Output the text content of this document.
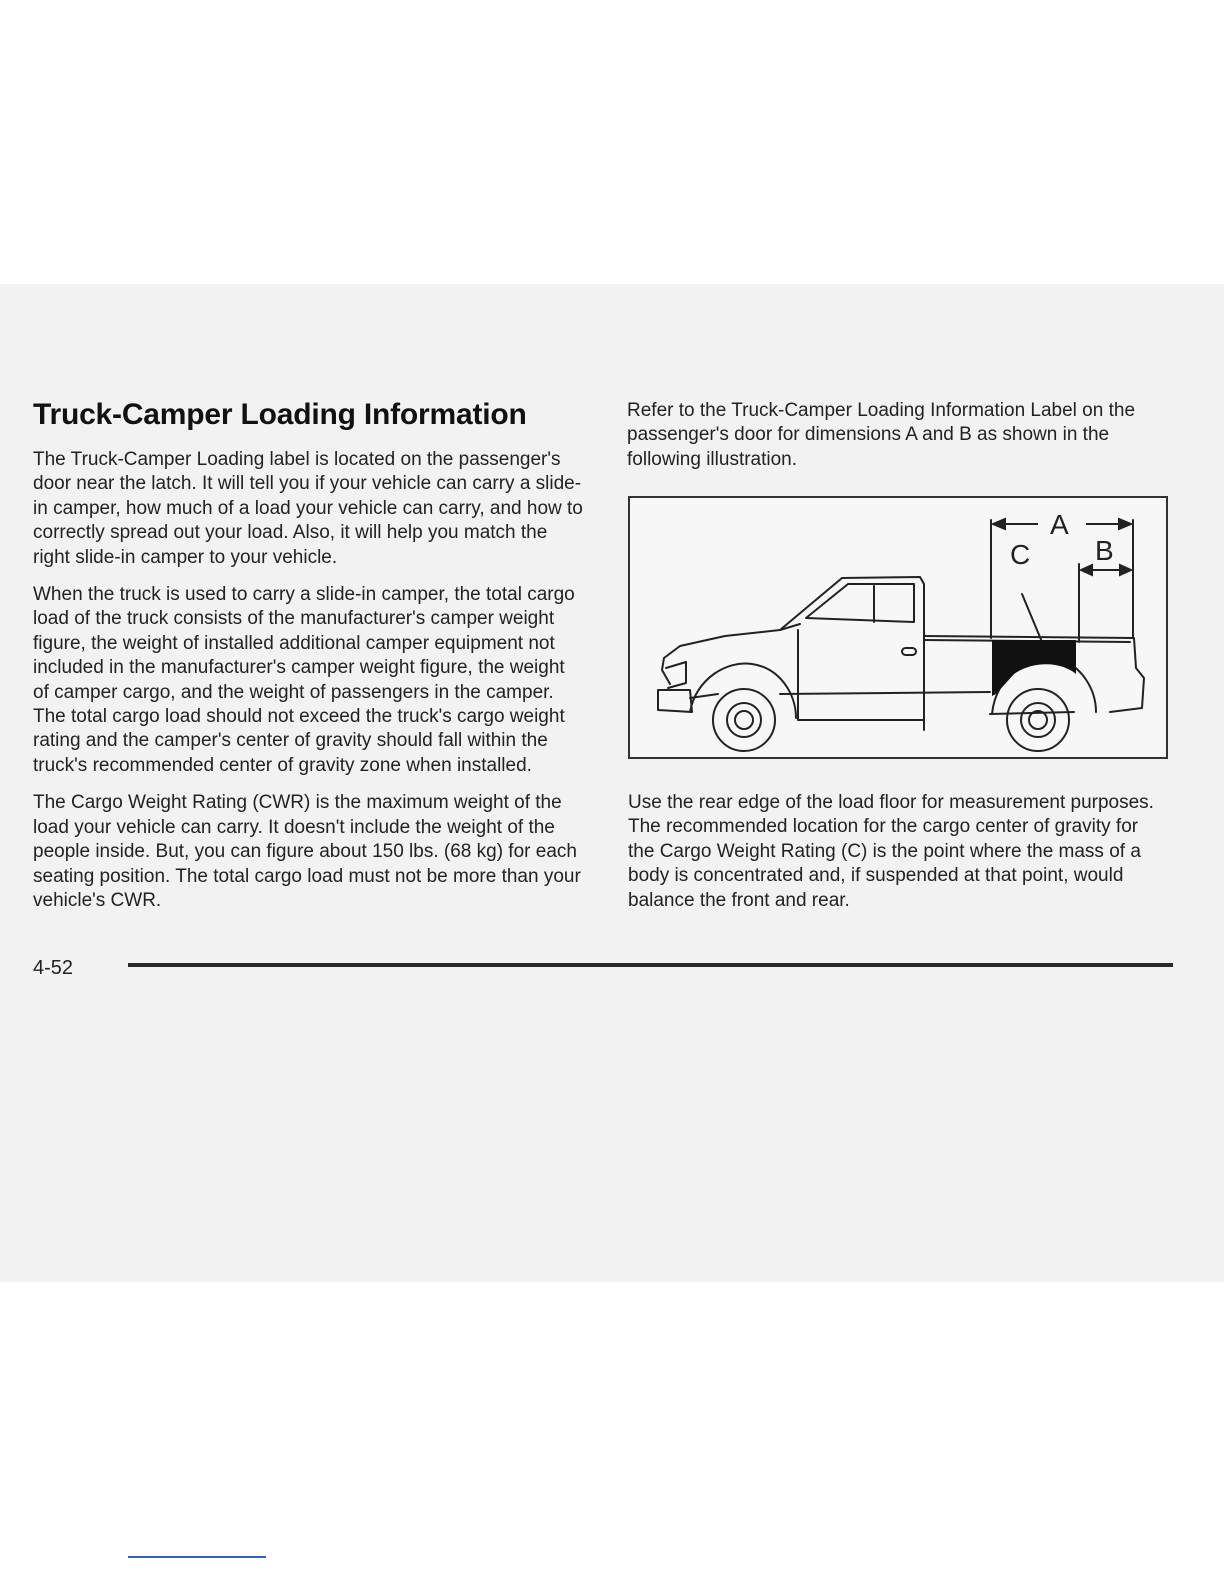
Truck-Camper Loading Information

The Truck-Camper Loading label is located on the passenger's door near the latch. It will tell you if your vehicle can carry a slide-in camper, how much of a load your vehicle can carry, and how to correctly spread out your load. Also, it will help you match the right slide-in camper to your vehicle.

When the truck is used to carry a slide-in camper, the total cargo load of the truck consists of the manufacturer's camper weight figure, the weight of installed additional camper equipment not included in the manufacturer's camper weight figure, the weight of camper cargo, and the weight of passengers in the camper. The total cargo load should not exceed the truck's cargo weight rating and the camper's center of gravity should fall within the truck's recommended center of gravity zone when installed.

The Cargo Weight Rating (CWR) is the maximum weight of the load your vehicle can carry. It doesn't include the weight of the people inside. But, you can figure about 150 lbs. (68 kg) for each seating position. The total cargo load must not be more than your vehicle's CWR.

Refer to the Truck-Camper Loading Information Label on the passenger's door for dimensions A and B as shown in the following illustration.

A
B
C

Use the rear edge of the load floor for measurement purposes. The recommended location for the cargo center of gravity for the Cargo Weight Rating (C) is the point where the mass of a body is concentrated and, if suspended at that point, would balance the front and rear.

4-52
